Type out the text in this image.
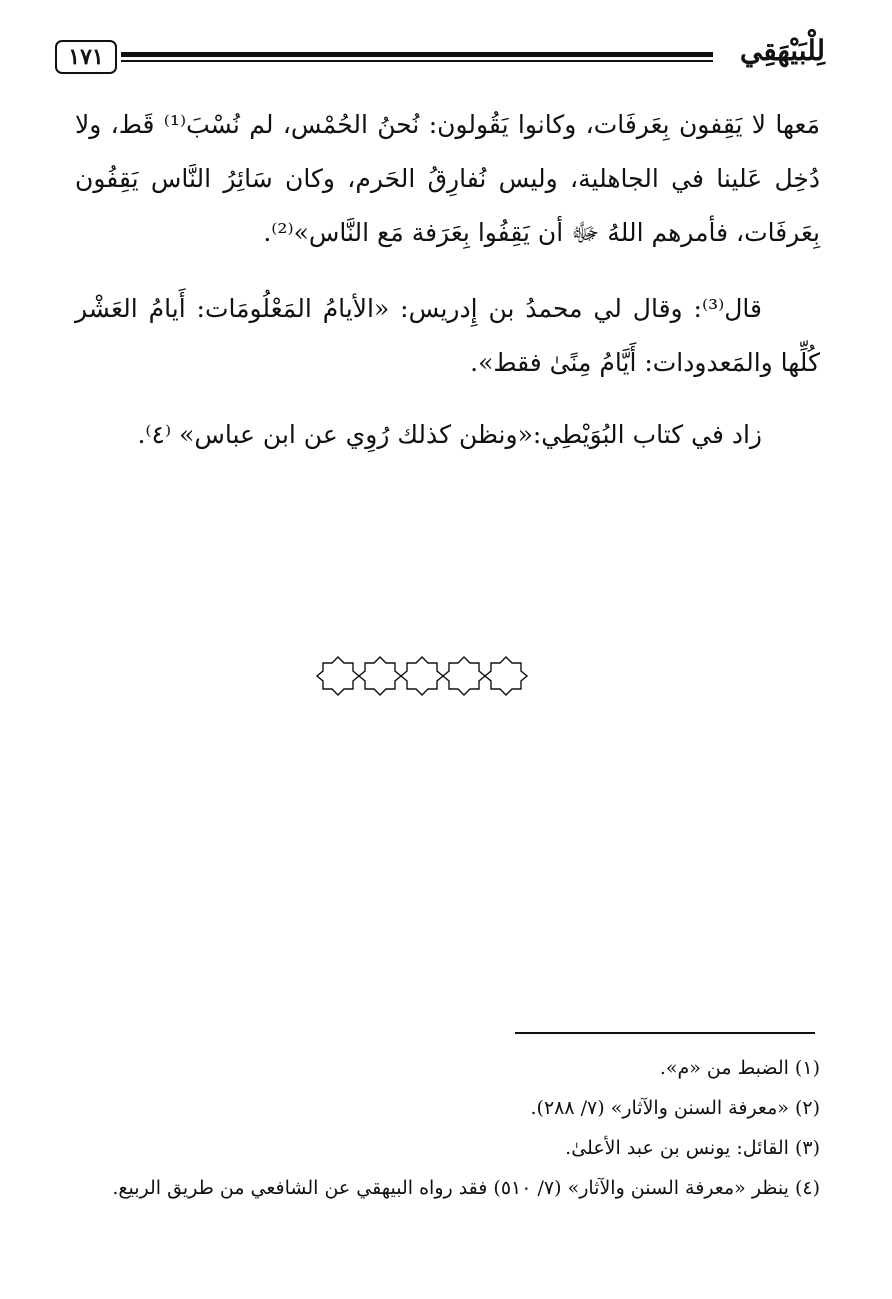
١٧١	لِلْبَيْهَقِي
مَعها لا يَقِفون بِعَرفَات، وكانوا يَقُولون: نُحنُ الحُمْس، لم نُسْبَ⁽¹⁾ قَط، ولا دُخِل عَلينا في الجاهلية، وليس نُفارِقُ الحَرم، وكان سَائِرُ النَّاس يَقِفُون بِعَرفَات، فأمرهم اللهُ ﷻ أن يَقِفُوا بِعَرَفة مَع النَّاس»⁽²⁾.
قال⁽³⁾: وقال لي محمدُ بن إِدريس: «الأيامُ المَعْلُومَات: أَيامُ العَشْر كُلِّها والمَعدودات: أَيَّامُ مِنًىٰ فقط».
زاد في كتاب البُوَيْطِي:«ونظن كذلك رُوِي عن ابن عباس» ⁽٤⁾.

(١) الضبط من «م».

(٢) «معرفة السنن والآثار» (٧/ ٢٨٨).

(٣) القائل: يونس بن عبد الأعلىٰ.

(٤) ينظر «معرفة السنن والآثار» (٧/ ٥١٠) فقد رواه البيهقي عن الشافعي من طريق الربيع.
